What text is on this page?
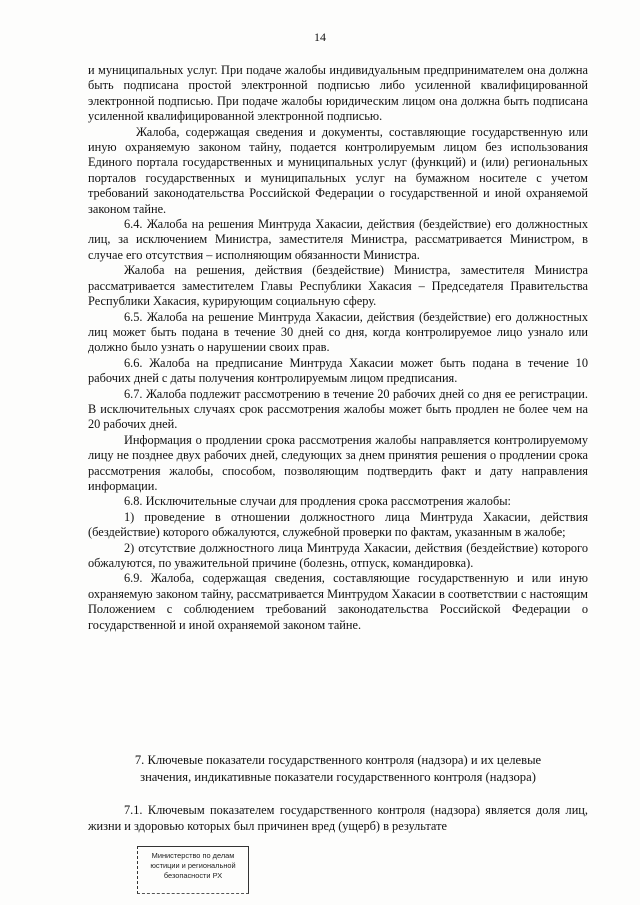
14

и муниципальных услуг. При подаче жалобы индивидуальным предпринимателем она должна быть подписана простой электронной подписью либо усиленной квалифицированной электронной подписью. При подаче жалобы юридическим лицом она должна быть подписана усиленной квалифицированной электронной подписью.

Жалоба, содержащая сведения и документы, составляющие государственную или иную охраняемую законом тайну, подается контролируемым лицом без использования Единого портала государственных и муниципальных услуг (функций) и (или) региональных порталов государственных и муниципальных услуг на бумажном носителе с учетом требований законодательства Российской Федерации о государственной и иной охраняемой законом тайне.

6.4. Жалоба на решения Минтруда Хакасии, действия (бездействие) его должностных лиц, за исключением Министра, заместителя Министра, рассматривается Министром, в случае его отсутствия – исполняющим обязанности Министра.

Жалоба на решения, действия (бездействие) Министра, заместителя Министра рассматривается заместителем Главы Республики Хакасия – Председателя Правительства Республики Хакасия, курирующим социальную сферу.

6.5. Жалоба на решение Минтруда Хакасии, действия (бездействие) его должностных лиц может быть подана в течение 30 дней со дня, когда контролируемое лицо узнало или должно было узнать о нарушении своих прав.

6.6. Жалоба на предписание Минтруда Хакасии может быть подана в течение 10 рабочих дней с даты получения контролируемым лицом предписания.

6.7. Жалоба подлежит рассмотрению в течение 20 рабочих дней со дня ее регистрации. В исключительных случаях срок рассмотрения жалобы может быть продлен не более чем на 20 рабочих дней.

Информация о продлении срока рассмотрения жалобы направляется контролируемому лицу не позднее двух рабочих дней, следующих за днем принятия решения о продлении срока рассмотрения жалобы, способом, позволяющим подтвердить факт и дату направления информации.

6.8. Исключительные случаи для продления срока рассмотрения жалобы:

1) проведение в отношении должностного лица Минтруда Хакасии, действия (бездействие) которого обжалуются, служебной проверки по фактам, указанным в жалобе;

2) отсутствие должностного лица Минтруда Хакасии, действия (бездействие) которого обжалуются, по уважительной причине (болезнь, отпуск, командировка).

6.9. Жалоба, содержащая сведения, составляющие государственную и или иную охраняемую законом тайну, рассматривается Минтрудом Хакасии в соответствии с настоящим Положением с соблюдением требований законодательства Российской Федерации о государственной и иной охраняемой законом тайне.

7. Ключевые показатели государственного контроля (надзора) и их целевые
значения, индикативные показатели государственного контроля (надзора)

7.1. Ключевым показателем государственного контроля (надзора) является доля лиц, жизни и здоровью которых был причинен вред (ущерб) в результате

Министерство по делам
юстиции и региональной
безопасности РХ
